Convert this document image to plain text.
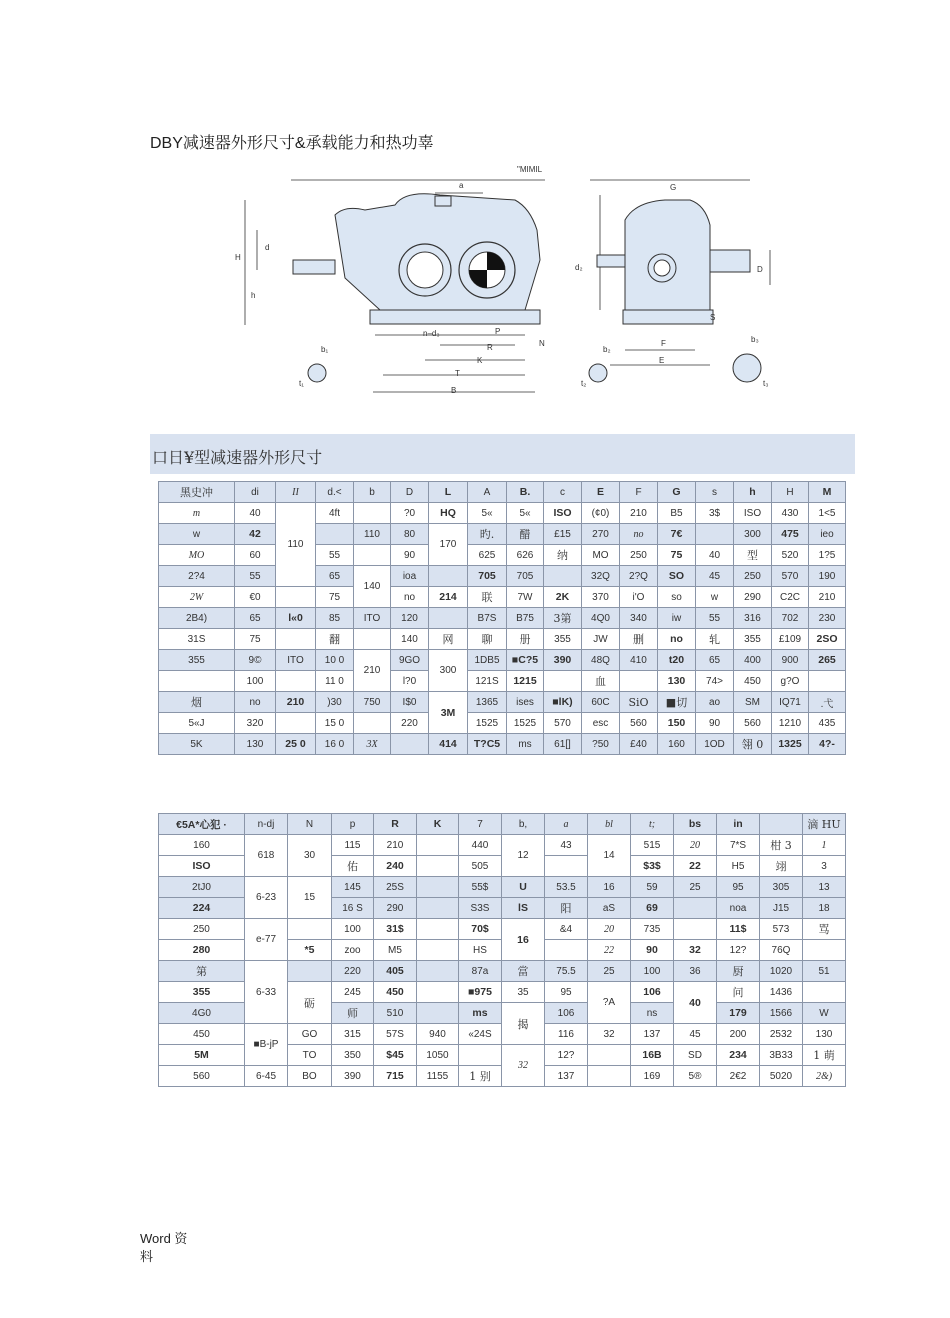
DBY减速器外形尺寸&承载能力和热功辜
"MIMIL
a
H
d
h
b₁
t₁
n–d₃	P
R
K
T
B
N
d₂	D
S
F
E
G
b₂
t₂
b₃
t₃
口日¥型减速器外形尺寸
黑史冲	di	II	d.<	b	D	L	A	B.	c	E	F	G	s	h	H	M
m	40	110	4ft		?0	HQ	5«	5«	ISO	(¢0)	210	B5	3$	ISO	430	1<5
w	42			110	80	170	旳.	醋	£15	270	no	7€		300	475	ieo
MO	60		55		90		625	626	纳	MO	250	75	40	型	520	1?5
2?4	55		65	140	ioa		705	705		32Q	2?Q	SO	45	250	570	190
2W	€0		75		no	214	联	7W	2K	370	i'O	so	w	290	C2C	210
2B4)	65	l«0	85	ITO	120		B7S	B75	3第	4Q0	340	iw	55	316	702	230
31S	75		翻		140	网	聊	册	355	JW	删	no	轧	355	£109	2SO
355	9©	ITO	10 0	210	9GO	300	1DB5	■C?5	390	48Q	410	t20	65	400	900	265
	100		11 0		l?0		121S	1215		血		130	74>	450	g?O	
烟	no	210	)30	750	I$0	3M	1365	ises	■lK)	60C	SiO	■切	ao	SM	IQ71	.弋
5«J	320		15 0		220		1525	1525	570	esc	560	150	90	560	1210	435
5K	130	25 0	16 0	3X		414	T?C5	ms	61[]	?50	£40	160	1OD	翎 0	1325	4?-
€5A*心犯 ·	n-dj	N	p	R	K	7	b,	a	bl	t;	bs	in		滴 HU
160	618	30	115	210		440	12	43	14	515	20	7*S	柑 3	1
ISO			佑	240		505				$3$	22	H5	翊	3
2tJ0	6-23	15	145	25S		55$	U	53.5	16	59	25	95	305	13
224			16 S	290		S3S	lS	阳	aS	69		noa	J15	18
250	e-77		100	31$		70$	16	&4	20	735		11$	573	骂
280		*5	zoo	M5		HS			22	90	32	12?	76Q	
第	6-33		220	405		87a	當	75.5	25	100	36	厨	1020	51
355		砺	245	450		■975	35	95	?A	106	40	问	1436	
4G0			师	510		ms	揭	106		ns		179	1566	W
450	■B-jP	GO	315	57S	940	«24S		116	32	137	45	200	2532	130
5M		TO	350	$45	1050		32	12?		16B	SD	234	3B33	1 萌
560	6-45	BO	390	715	1155	1 别		137		169	5®	2€2	5020	2&)
Word 资
料
